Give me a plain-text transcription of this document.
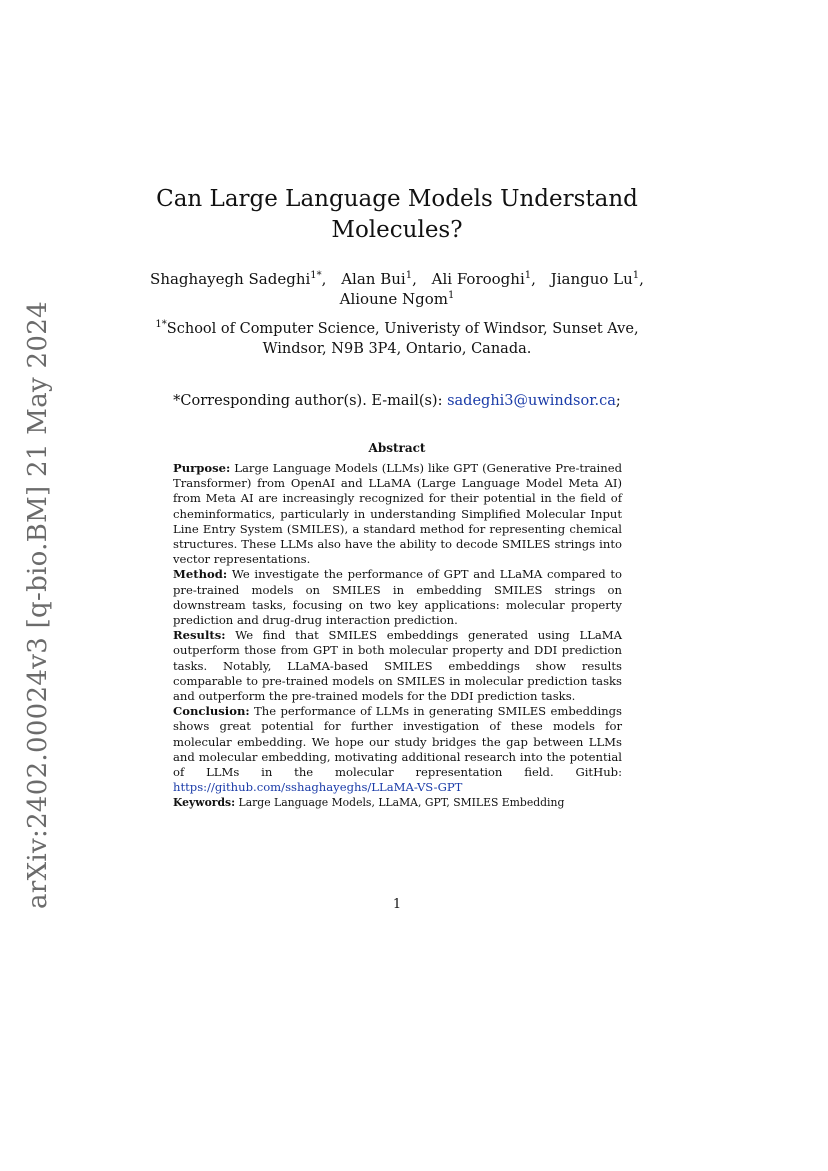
arXiv:2402.00024v3 [q-bio.BM] 21 May 2024
Can Large Language Models Understand
Molecules?
Shaghayegh Sadeghi$^{1*}$, Alan Bui$^1$, Ali Forooghi$^1$, Jianguo Lu$^1$,
Alioune Ngom$^1$
$^{1*}$School of Computer Science, Univeristy of Windsor, Sunset Ave,
Windsor, N9B 3P4, Ontario, Canada.
*Corresponding author(s). E-mail(s): sadeghi3@uwindsor.ca;
Abstract

Purpose: Large Language Models (LLMs) like GPT (Generative Pre-trained Transformer) from OpenAI and LLaMA (Large Language Model Meta AI) from Meta AI are increasingly recognized for their potential in the field of cheminformatics, particularly in understanding Simplified Molecular Input Line Entry System (SMILES), a standard method for representing chemical structures. These LLMs also have the ability to decode SMILES strings into vector representations.

Method: We investigate the performance of GPT and LLaMA compared to pre-trained models on SMILES in embedding SMILES strings on downstream tasks, focusing on two key applications: molecular property prediction and drug-drug interaction prediction.

Results: We find that SMILES embeddings generated using LLaMA outperform those from GPT in both molecular property and DDI prediction tasks. Notably, LLaMA-based SMILES embeddings show results comparable to pre-trained models on SMILES in molecular prediction tasks and outperform the pre-trained models for the DDI prediction tasks.

Conclusion: The performance of LLMs in generating SMILES embeddings shows great potential for further investigation of these models for molecular embedding. We hope our study bridges the gap between LLMs and molecular embedding, motivating additional research into the potential of LLMs in the molecular representation field. GitHub: https://github.com/sshaghayeghs/LLaMA-VS-GPT

Keywords: Large Language Models, LLaMA, GPT, SMILES Embedding
1
